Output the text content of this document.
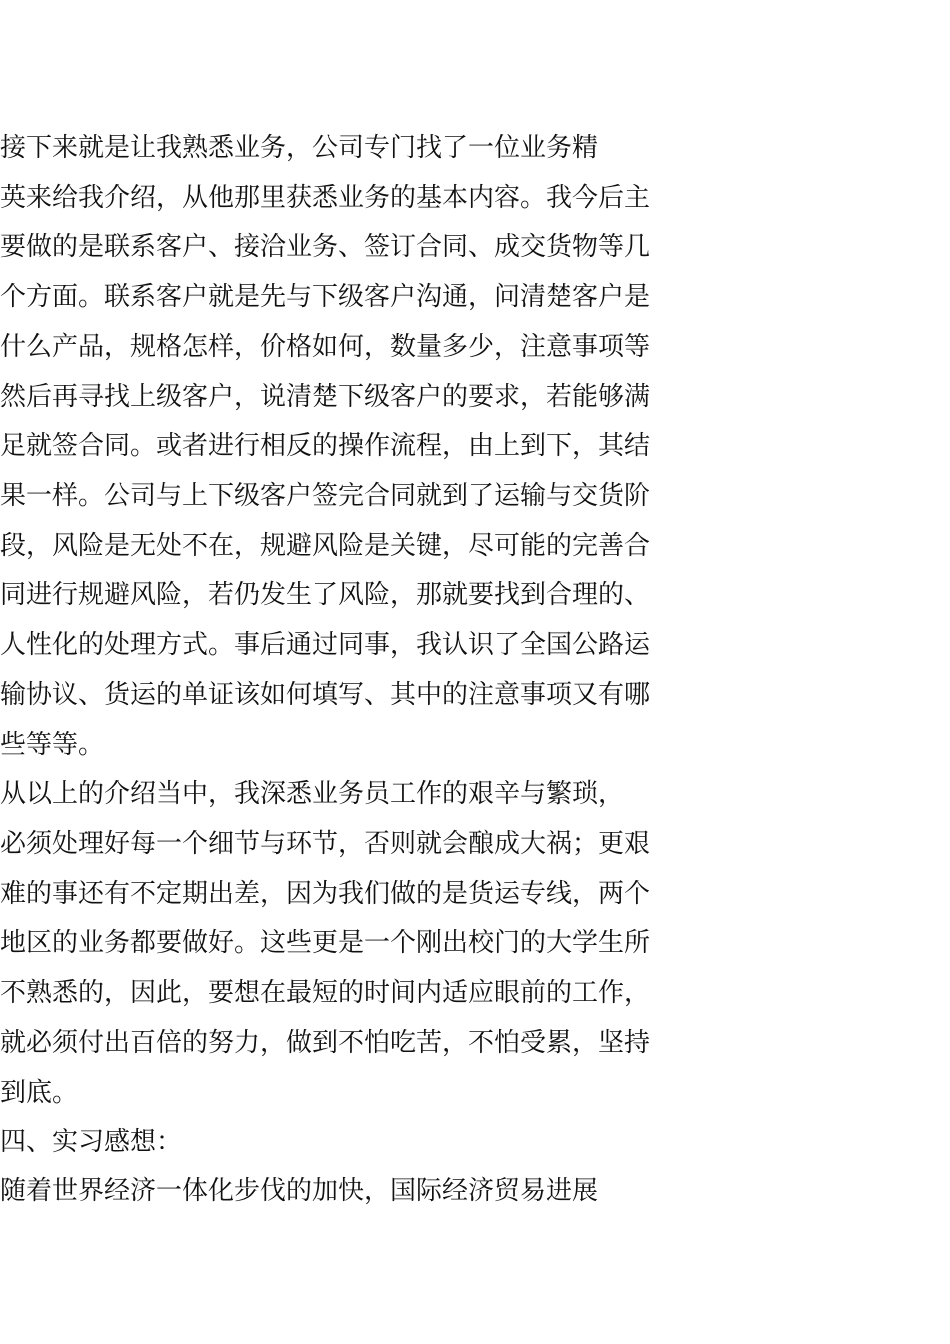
接下来就是让我熟悉业务，公司专门找了一位业务精
英来给我介绍，从他那里获悉业务的基本内容。我今后主
要做的是联系客户、接洽业务、签订合同、成交货物等几
个方面。联系客户就是先与下级客户沟通，问清楚客户是
什么产品，规格怎样，价格如何，数量多少，注意事项等
然后再寻找上级客户，说清楚下级客户的要求，若能够满
足就签合同。或者进行相反的操作流程，由上到下，其结
果一样。公司与上下级客户签完合同就到了运输与交货阶
段，风险是无处不在，规避风险是关键，尽可能的完善合
同进行规避风险，若仍发生了风险，那就要找到合理的、
人性化的处理方式。事后通过同事，我认识了全国公路运
输协议、货运的单证该如何填写、其中的注意事项又有哪
些等等。
从以上的介绍当中，我深悉业务员工作的艰辛与繁琐，
必须处理好每一个细节与环节，否则就会酿成大祸；更艰
难的事还有不定期出差，因为我们做的是货运专线，两个
地区的业务都要做好。这些更是一个刚出校门的大学生所
不熟悉的，因此，要想在最短的时间内适应眼前的工作，
就必须付出百倍的努力，做到不怕吃苦，不怕受累，坚持
到底。
四、实习感想：
随着世界经济一体化步伐的加快，国际经济贸易进展
